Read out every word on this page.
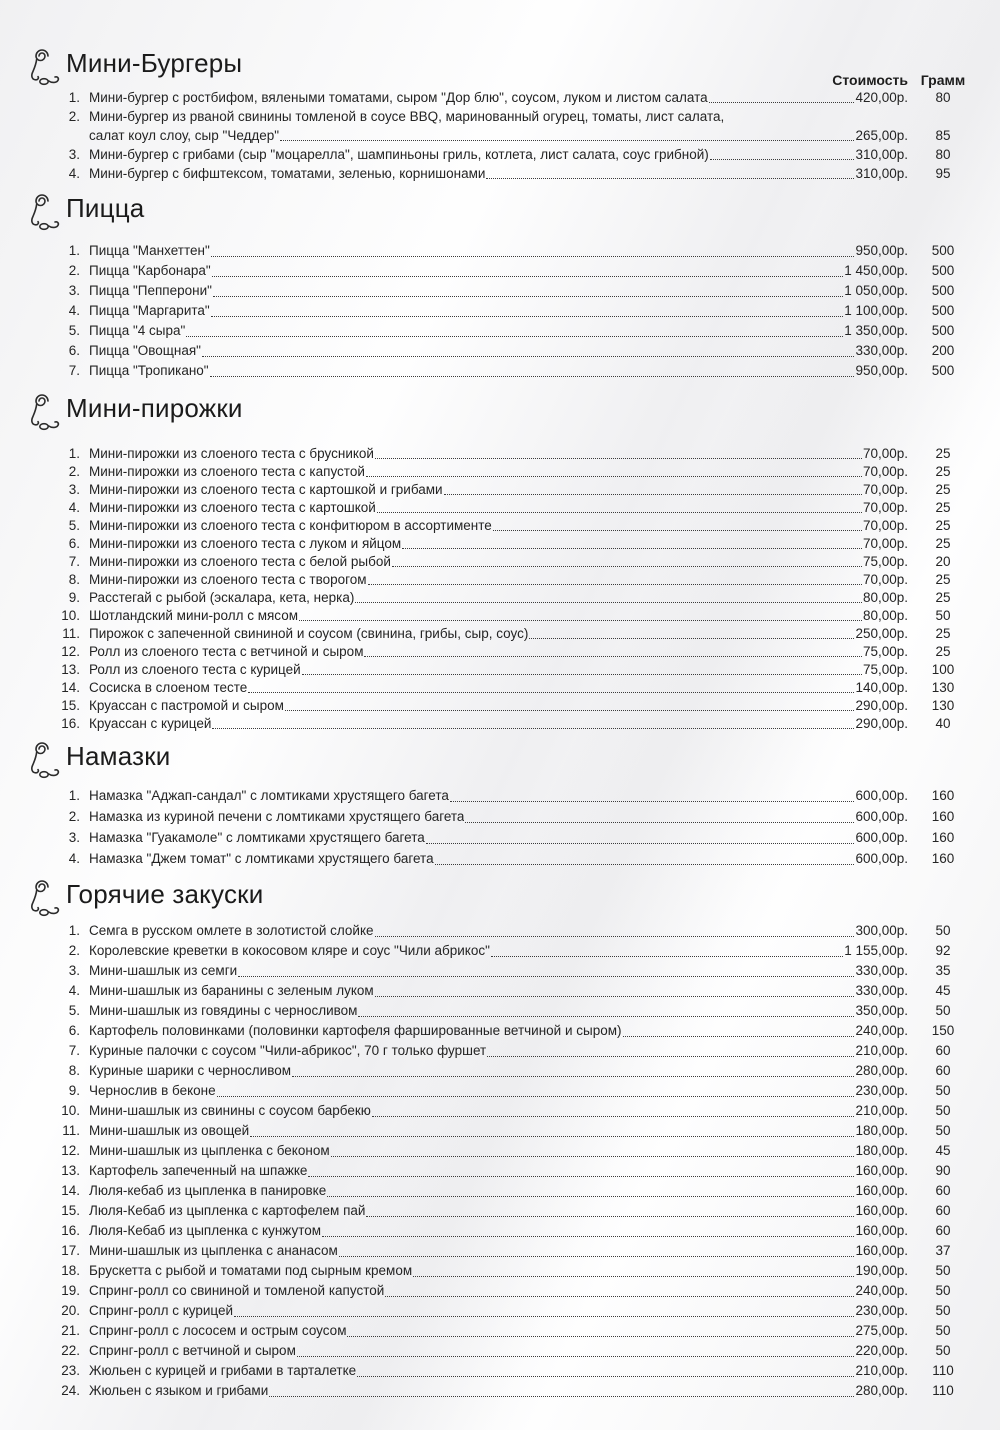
Стоимость Грамм
Мини-Бургеры
1. Мини-бургер с ростбифом, вялеными томатами, сыром "Дор блю", соусом, луком и листом салата	420,00р.	80
2. Мини-бургер из рваной свинины томленой в соусе BBQ, маринованный огурец, томаты, лист салата,
салат коул слоу, сыр "Чеддер"	265,00р.	85
3. Мини-бургер с грибами (сыр "моцарелла", шампиньоны гриль, котлета, лист салата, соус грибной)	310,00р.	80
4. Мини-бургер с бифштексом, томатами, зеленью, корнишонами	310,00р.	95
Пицца
1. Пицца "Манхеттен"	950,00р.	500
2. Пицца "Карбонара"	1 450,00р.	500
3. Пицца "Пепперони"	1 050,00р.	500
4. Пицца "Маргарита"	1 100,00р.	500
5. Пицца "4 сыра"	1 350,00р.	500
6. Пицца "Овощная"	330,00р.	200
7. Пицца "Тропикано"	950,00р.	500
Мини-пирожки
1. Мини-пирожки из слоеного теста с брусникой	70,00р.	25
2. Мини-пирожки из слоеного теста с капустой	70,00р.	25
3. Мини-пирожки из слоеного теста с картошкой и грибами	70,00р.	25
4. Мини-пирожки из слоеного теста с картошкой	70,00р.	25
5. Мини-пирожки из слоеного теста с конфитюром в ассортименте	70,00р.	25
6. Мини-пирожки из слоеного теста с луком и яйцом	70,00р.	25
7. Мини-пирожки из слоеного теста с белой рыбой	75,00р.	20
8. Мини-пирожки из слоеного теста с творогом	70,00р.	25
9. Расстегай с рыбой (эскалара, кета, нерка)	80,00р.	25
10. Шотландский мини-ролл с мясом	80,00р.	50
11. Пирожок с запеченной свининой и соусом (свинина, грибы, сыр, соус)	250,00р.	25
12. Ролл из слоеного теста с ветчиной и сыром	75,00р.	25
13. Ролл из слоеного теста с курицей	75,00р.	100
14. Сосиска в слоеном тесте	140,00р.	130
15. Круассан с пастромой и сыром	290,00р.	130
16. Круассан с курицей	290,00р.	40
Намазки
1. Намазка "Аджап-сандал" с ломтиками хрустящего багета	600,00р.	160
2. Намазка из куриной печени с ломтиками хрустящего багета	600,00р.	160
3. Намазка "Гуакамоле" с ломтиками хрустящего багета	600,00р.	160
4. Намазка "Джем томат" с ломтиками хрустящего багета	600,00р.	160
Горячие закуски
1. Семга в русском омлете в золотистой слойке	300,00р.	50
2. Королевские креветки в кокосовом кляре и соус "Чили абрикос"	1 155,00р.	92
3. Мини-шашлык из семги	330,00р.	35
4. Мини-шашлык из баранины с зеленым луком	330,00р.	45
5. Мини-шашлык из говядины с черносливом	350,00р.	50
6. Картофель половинками (половинки картофеля фаршированные ветчиной и сыром)	240,00р.	150
7. Куриные палочки с соусом "Чили-абрикос", 70 г только фуршет	210,00р.	60
8. Куриные шарики с черносливом	280,00р.	60
9. Чернослив в беконе	230,00р.	50
10. Мини-шашлык из свинины с соусом барбекю	210,00р.	50
11. Мини-шашлык из овощей	180,00р.	50
12. Мини-шашлык из цыпленка с беконом	180,00р.	45
13. Картофель запеченный на шпажке	160,00р.	90
14. Люля-кебаб из цыпленка в панировке	160,00р.	60
15. Люля-Кебаб из цыпленка с картофелем пай	160,00р.	60
16. Люля-Кебаб из цыпленка с кунжутом	160,00р.	60
17. Мини-шашлык из цыпленка с ананасом	160,00р.	37
18. Брускетта с рыбой и томатами под сырным кремом	190,00р.	50
19. Спринг-ролл со свининой и томленой капустой	240,00р.	50
20. Спринг-ролл с курицей	230,00р.	50
21. Спринг-ролл с лососем и острым соусом	275,00р.	50
22. Спринг-ролл с ветчиной и сыром	220,00р.	50
23. Жюльен с курицей и грибами в тарталетке	210,00р.	110
24. Жюльен с языком и грибами	280,00р.	110
